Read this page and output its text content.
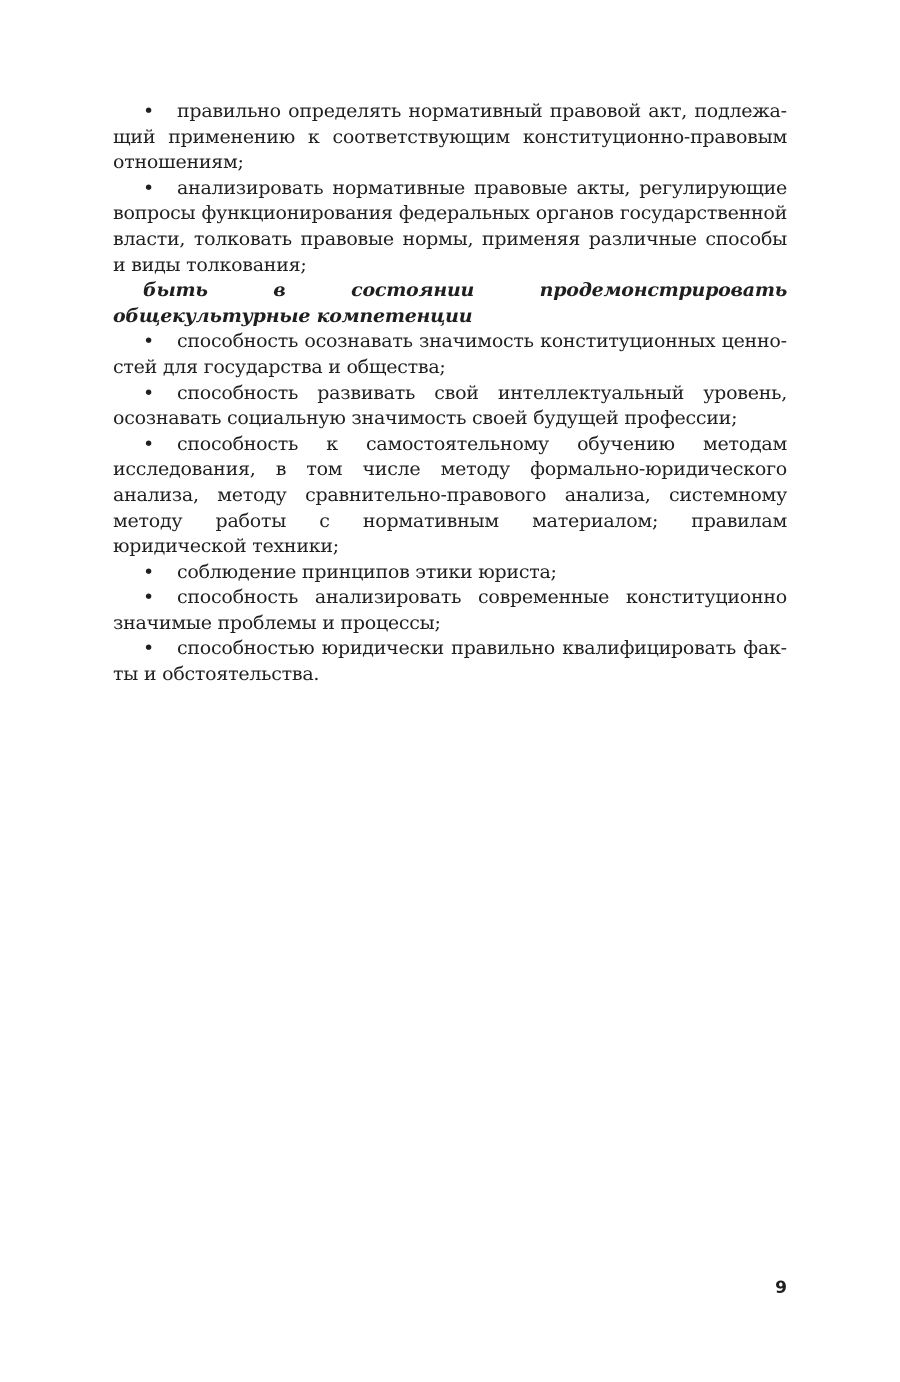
• правильно определять нормативный правовой акт, подлежащий применению к соответствующим конституционно-правовым отношениям;

• анализировать нормативные правовые акты, регулирующие вопросы функционирования федеральных органов государственной власти, толковать правовые нормы, применяя различные способы и виды толкования;

быть в состоянии продемонстрировать общекультурные компетенции

• способность осознавать значимость конституционных ценностей для государства и общества;

• способность развивать свой интеллектуальный уровень, осознавать социальную значимость своей будущей профессии;

• способность к самостоятельному обучению методам исследования, в том числе методу формально-юридического анализа, методу сравнительно-правового анализа, системному методу работы с нормативным материалом; правилам юридической техники;

• соблюдение принципов этики юриста;

• способность анализировать современные конституционно значимые проблемы и процессы;

• способностью юридически правильно квалифицировать факты и обстоятельства.

9
